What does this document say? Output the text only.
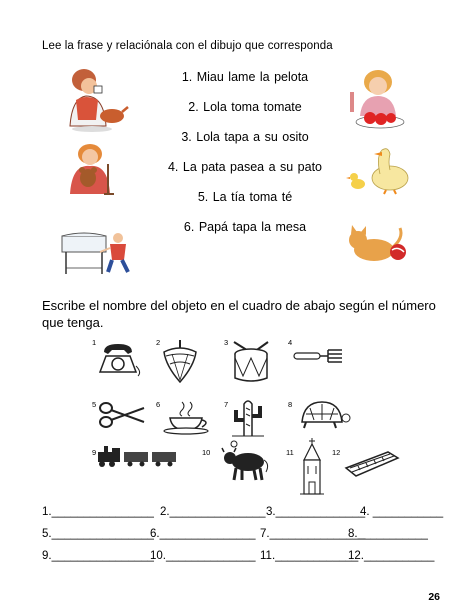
Lee la frase y relaciónala con el dibujo que corresponda
1. Miau lame la pelota
2. Lola toma tomate
3. Lola tapa a su osito
4. La pata pasea a su pato
5. La tía toma té
6. Papá tapa la mesa
Escribe el nombre del objeto en el cuadro de abajo según el número que tenga.
1	2	3	4
5	6	7	8
9	10	11	12
1.________________ 2._______________ 3.______________
4. ___________
5.________________
6._______________ 7._______________
8.___________
9.________________
10.______________ 11._____________
12.___________
26
